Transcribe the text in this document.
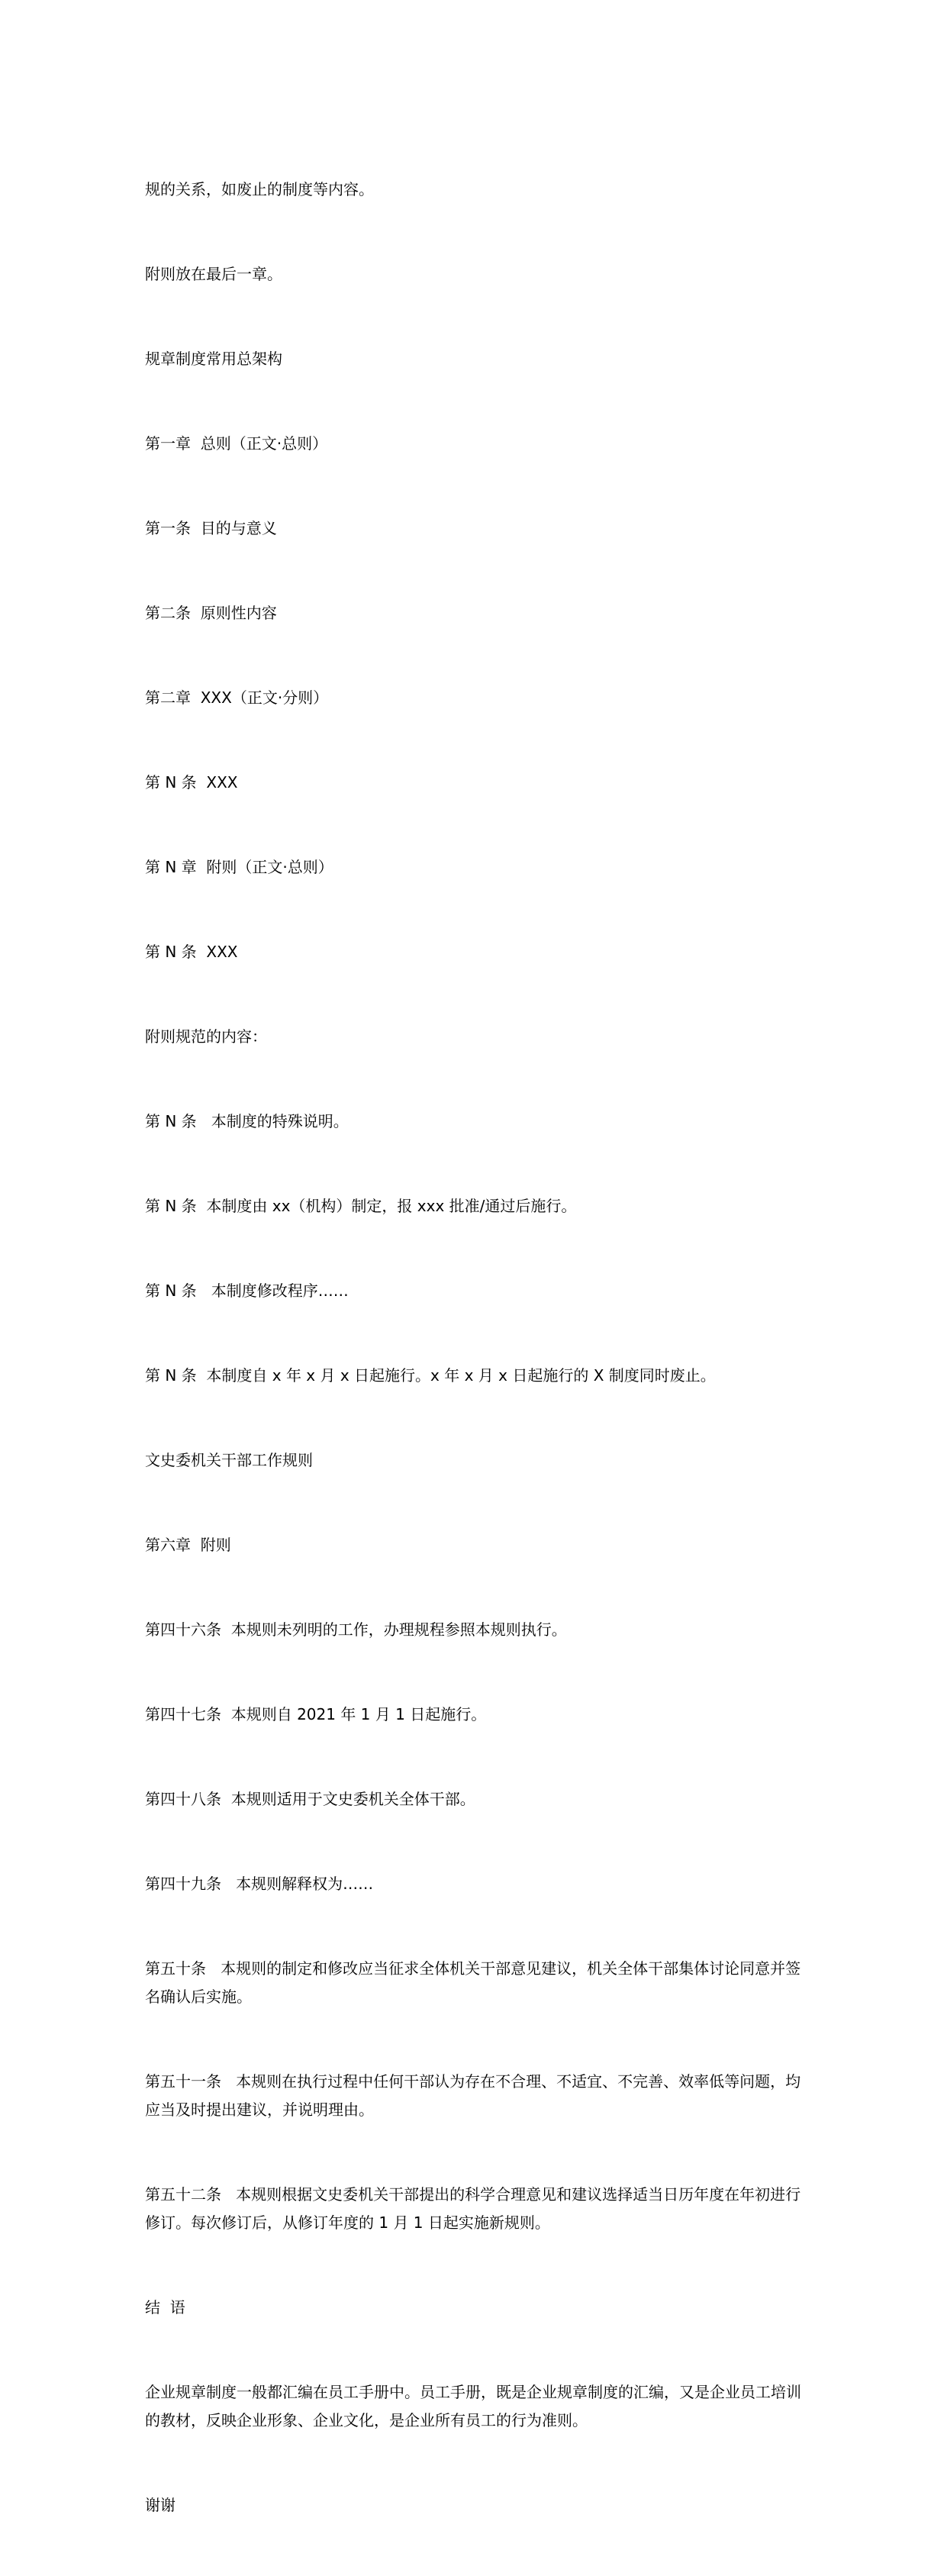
规的关系，如废止的制度等内容。

附则放在最后一章。

规章制度常用总架构

第一章  总则（正文·总则）

第一条  目的与意义

第二条  原则性内容

第二章  XXX（正文·分则）

第 N 条  XXX

第 N 章  附则（正文·总则）

第 N 条  XXX

附则规范的内容：

第 N 条   本制度的特殊说明。

第 N 条  本制度由 xx（机构）制定，报 xxx 批准/通过后施行。

第 N 条   本制度修改程序……

第 N 条  本制度自 x 年 x 月 x 日起施行。x 年 x 月 x 日起施行的 X 制度同时废止。

文史委机关干部工作规则

第六章  附则

第四十六条  本规则未列明的工作，办理规程参照本规则执行。

第四十七条  本规则自 2021 年 1 月 1 日起施行。

第四十八条  本规则适用于文史委机关全体干部。

第四十九条   本规则解释权为……

第五十条   本规则的制定和修改应当征求全体机关干部意见建议，机关全体干部集体讨论同意并签名确认后实施。

第五十一条   本规则在执行过程中任何干部认为存在不合理、不适宜、不完善、效率低等问题，均应当及时提出建议，并说明理由。

第五十二条   本规则根据文史委机关干部提出的科学合理意见和建议选择适当日历年度在年初进行修订。每次修订后，从修订年度的 1 月 1 日起实施新规则。

结  语

企业规章制度一般都汇编在员工手册中。员工手册，既是企业规章制度的汇编，又是企业员工培训的教材，反映企业形象、企业文化，是企业所有员工的行为准则。

谢谢
